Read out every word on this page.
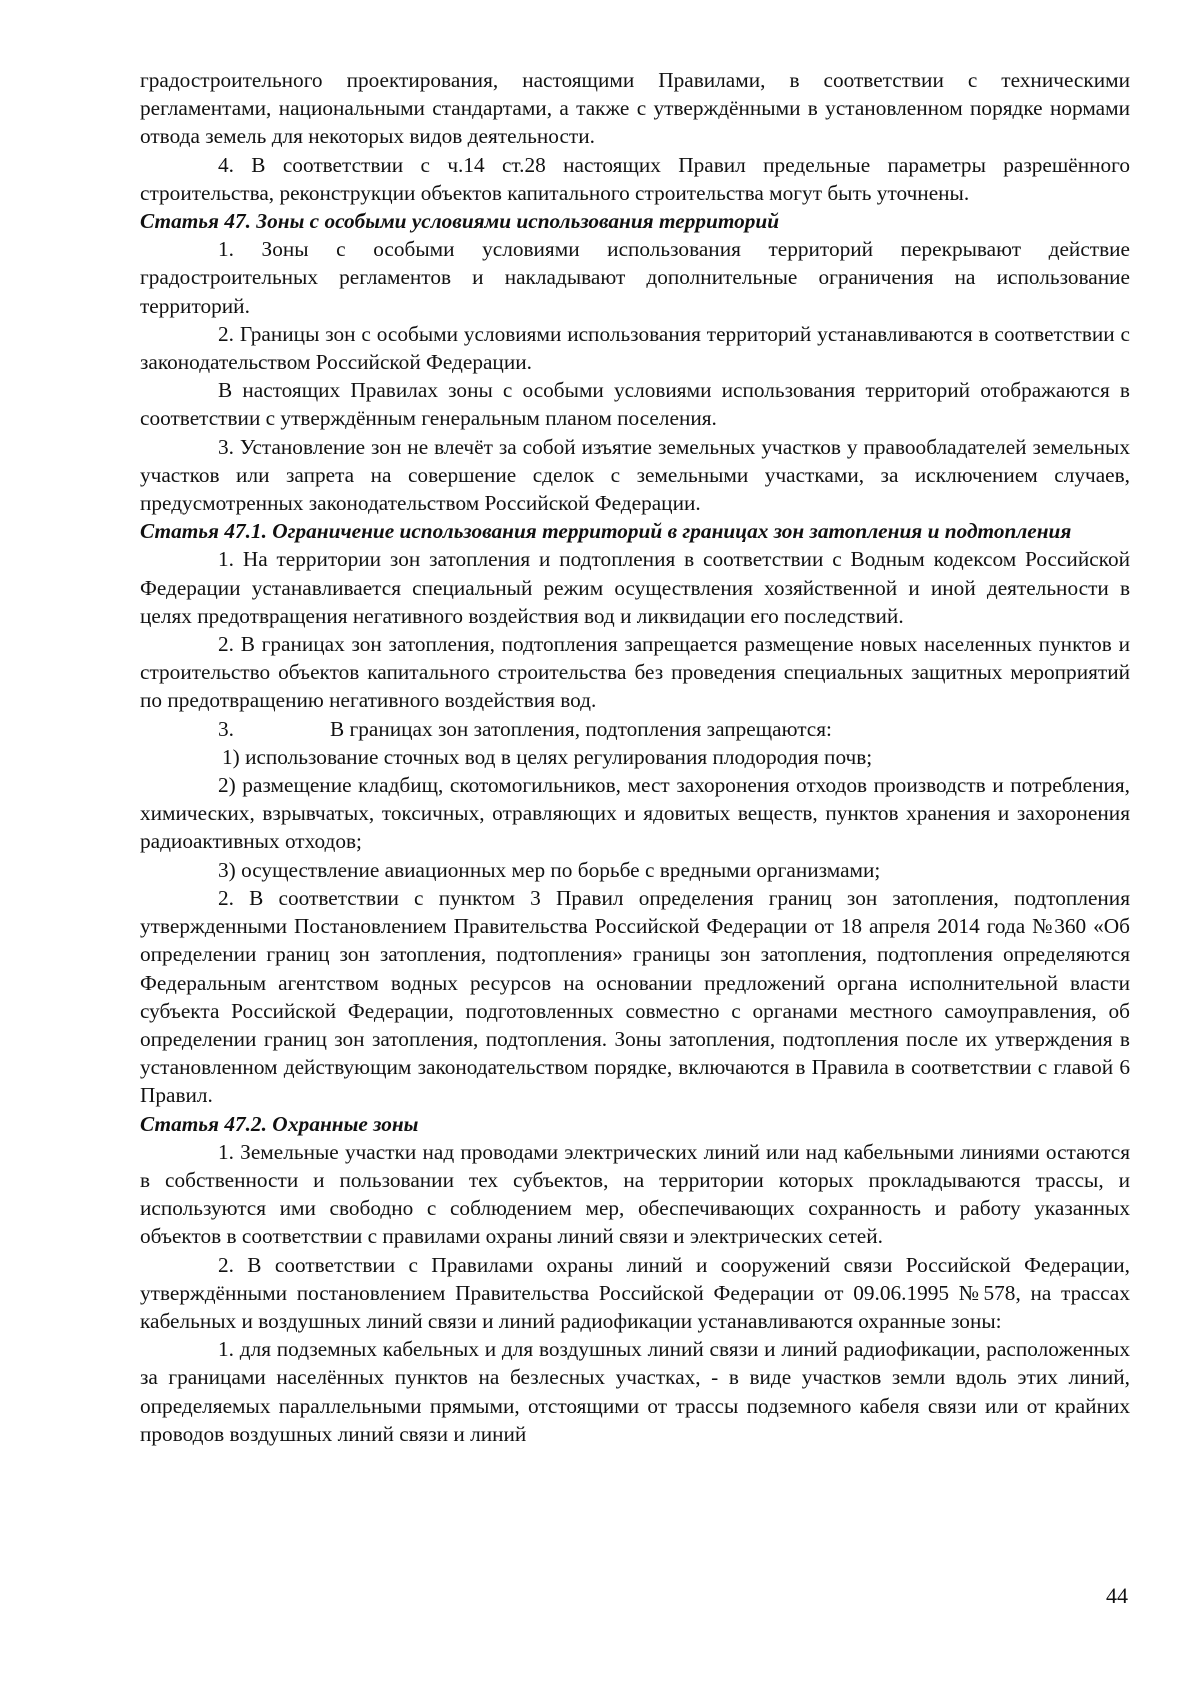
градостроительного проектирования, настоящими Правилами, в соответствии с техническими регламентами, национальными стандартами, а также с утверждёнными в установленном порядке нормами отвода земель для некоторых видов деятельности.

4. В соответствии с ч.14 ст.28 настоящих Правил предельные параметры разрешённого строительства, реконструкции объектов капитального строительства могут быть уточнены.

Статья 47. Зоны с особыми условиями использования территорий

1. Зоны с особыми условиями использования территорий перекрывают действие градостроительных регламентов и накладывают дополнительные ограничения на использование территорий.

2. Границы зон с особыми условиями использования территорий устанавливаются в соответствии с законодательством Российской Федерации.

В настоящих Правилах зоны с особыми условиями использования территорий отображаются в соответствии с утверждённым генеральным планом поселения.

3. Установление зон не влечёт за собой изъятие земельных участков у правообладателей земельных участков или запрета на совершение сделок с земельными участками, за исключением случаев, предусмотренных законодательством Российской Федерации.

Статья 47.1. Ограничение использования территорий в границах зон затопления и подтопления

1. На территории зон затопления и подтопления в соответствии с Водным кодексом Российской Федерации устанавливается специальный режим осуществления хозяйственной и иной деятельности в целях предотвращения негативного воздействия вод и ликвидации его последствий.

2. В границах зон затопления, подтопления запрещается размещение новых населенных пунктов и строительство объектов капитального строительства без проведения специальных защитных мероприятий по предотвращению негативного воздействия вод.

3.	В границах зон затопления, подтопления запрещаются:

1) использование сточных вод в целях регулирования плодородия почв;

2) размещение кладбищ, скотомогильников, мест захоронения отходов производств и потребления, химических, взрывчатых, токсичных, отравляющих и ядовитых веществ, пунктов хранения и захоронения радиоактивных отходов;

3) осуществление авиационных мер по борьбе с вредными организмами;

2. В соответствии с пунктом 3 Правил определения границ зон затопления, подтопления утвержденными Постановлением Правительства Российской Федерации от 18 апреля 2014 года №360 «Об определении границ зон затопления, подтопления» границы зон затопления, подтопления определяются Федеральным агентством водных ресурсов на основании предложений органа исполнительной власти субъекта Российской Федерации, подготовленных совместно с органами местного самоуправления, об определении границ зон затопления, подтопления. Зоны затопления, подтопления после их утверждения в установленном действующим законодательством порядке, включаются в Правила в соответствии с главой 6 Правил.

Статья 47.2. Охранные зоны

1. Земельные участки над проводами электрических линий или над кабельными линиями остаются в собственности и пользовании тех субъектов, на территории которых прокладываются трассы, и используются ими свободно с соблюдением мер, обеспечивающих сохранность и работу указанных объектов в соответствии с правилами охраны линий связи и электрических сетей.

2. В соответствии с Правилами охраны линий и сооружений связи Российской Федерации, утверждёнными постановлением Правительства Российской Федерации от 09.06.1995 №578, на трассах кабельных и воздушных линий связи и линий радиофикации устанавливаются охранные зоны:

1. для подземных кабельных и для воздушных линий связи и линий радиофикации, расположенных за границами населённых пунктов на безлесных участках, - в виде участков земли вдоль этих линий, определяемых параллельными прямыми, отстоящими от трассы подземного кабеля связи или от крайних проводов воздушных линий связи и линий

44
